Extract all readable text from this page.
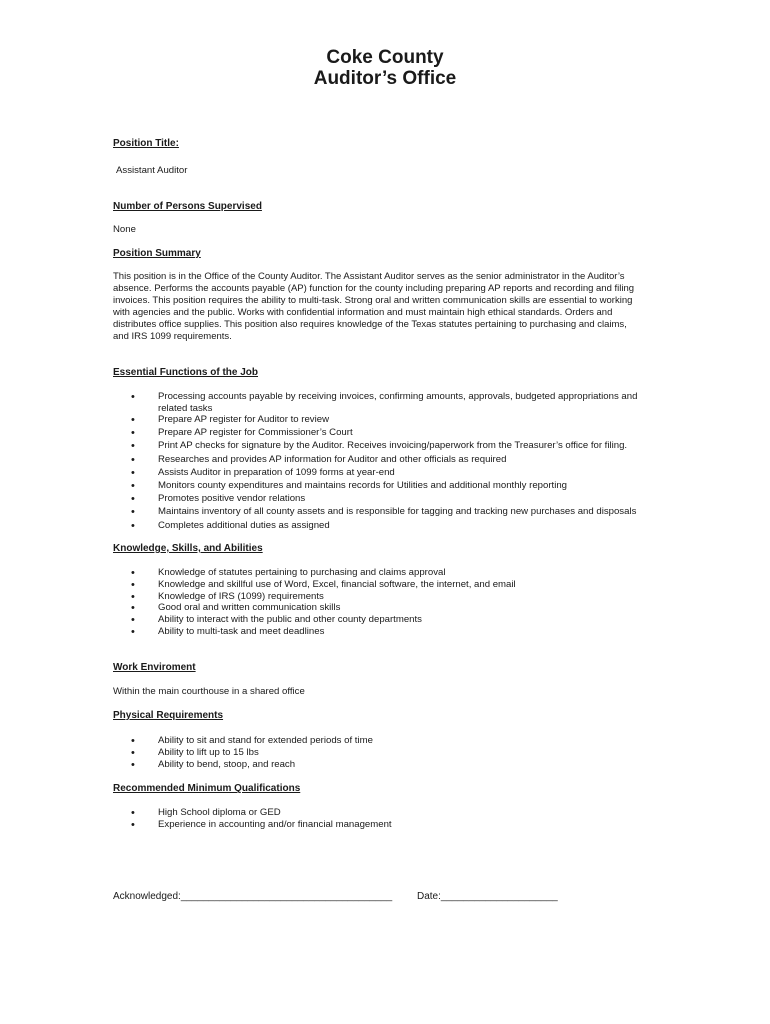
Coke County
Auditor’s Office
Position Title:
Assistant Auditor
Number of Persons Supervised
None
Position Summary
This position is in the Office of the County Auditor. The Assistant Auditor serves as the senior administrator in the Auditor’s
absence. Performs the accounts payable (AP) function for the county including preparing AP reports and recording and filing
invoices. This position requires the ability to multi-task. Strong oral and written communication skills are essential to working
with agencies and the public. Works with confidential information and must maintain high ethical standards. Orders and
distributes office supplies. This position also requires knowledge of the Texas statutes pertaining to purchasing and claims,
and IRS 1099 requirements.
Essential Functions of the Job
• Processing accounts payable by receiving invoices, confirming amounts, approvals, budgeted appropriations and
related tasks
• Prepare AP register for Auditor to review
• Prepare AP register for Commissioner’s Court
• Print AP checks for signature by the Auditor. Receives invoicing/paperwork from the Treasurer’s office for filing.
• Researches and provides AP information for Auditor and other officials as required
• Assists Auditor in preparation of 1099 forms at year-end
• Monitors county expenditures and maintains records for Utilities and additional monthly reporting
• Promotes positive vendor relations
• Maintains inventory of all county assets and is responsible for tagging and tracking new purchases and disposals
• Completes additional duties as assigned
Knowledge, Skills, and Abilities
• Knowledge of statutes pertaining to purchasing and claims approval
• Knowledge and skillful use of Word, Excel, financial software, the internet, and email
• Knowledge of IRS (1099) requirements
• Good oral and written communication skills
• Ability to interact with the public and other county departments
• Ability to multi-task and meet deadlines
Work Enviroment
Within the main courthouse in a shared office
Physical Requirements
• Ability to sit and stand for extended periods of time
• Ability to lift up to 15 lbs
• Ability to bend, stoop, and reach
Recommended Minimum Qualifications
• High School diploma or GED
• Experience in accounting and/or financial management
Acknowledged:______________________________________ Date:_____________________
